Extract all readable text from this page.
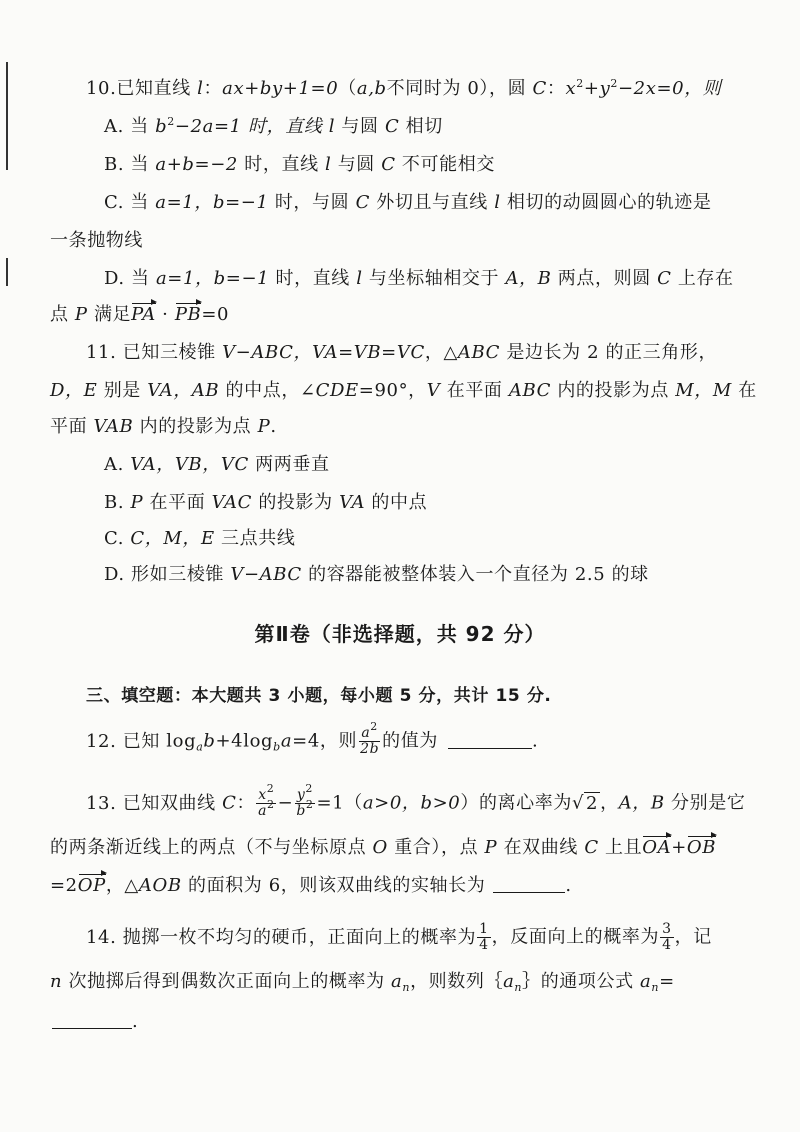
10.已知直线 l：ax+by+1=0（a,b不同时为 0），圆 C：$x^2+y^2-2x=0$，则
A. 当 $b^2-2a=1$ 时，直线 l 与圆 C 相切
B. 当 a+b=−2 时，直线 l 与圆 C 不可能相交
C. 当 a=1，b=−1 时，与圆 C 外切且与直线 l 相切的动圆圆心的轨迹是
一条抛物线
D. 当 a=1，b=−1 时，直线 l 与坐标轴相交于 A，B 两点，则圆 C 上存在
点 P 满足PA · PB=0
11. 已知三棱锥 V−ABC，VA=VB=VC，△ABC 是边长为 2 的正三角形，
D，E 别是 VA，AB 的中点，∠CDE=90°，V 在平面 ABC 内的投影为点 M，M 在
平面 VAB 内的投影为点 P.
A. VA，VB，VC 两两垂直
B. P 在平面 VAC 的投影为 VA 的中点
C. C，M，E 三点共线
D. 形如三棱锥 V−ABC 的容器能被整体装入一个直径为 2.5 的球
第Ⅱ卷（非选择题，共 92 分）
三、填空题：本大题共 3 小题，每小题 5 分，共计 15 分.
12. 已知 $\log_ab+4\log_ba=4$，则 $\frac{a^2}{2b}$ 的值为	.
13. 已知双曲线 C： $\frac{x^2}{a^2} - \frac{y^2}{b^2} =1(a>0$，b>0）的离心率为√ 2 ，A，B 分别是它
的两条渐近线上的两点（不与坐标原点 O 重合），点 P 在双曲线 C 上且OA+OB
=2OP，△AOB 的面积为 6，则该双曲线的实轴长为	.
14. 抛掷一枚不均匀的硬币，正面向上的概率为 $\frac{1}{4}$ ，反面向上的概率为 $\frac{3}{4}$ ，记
n 次抛掷后得到偶数次正面向上的概率为 $a_n$，则数列$\{a_n\}$的通项公式 $a_n=$
.
